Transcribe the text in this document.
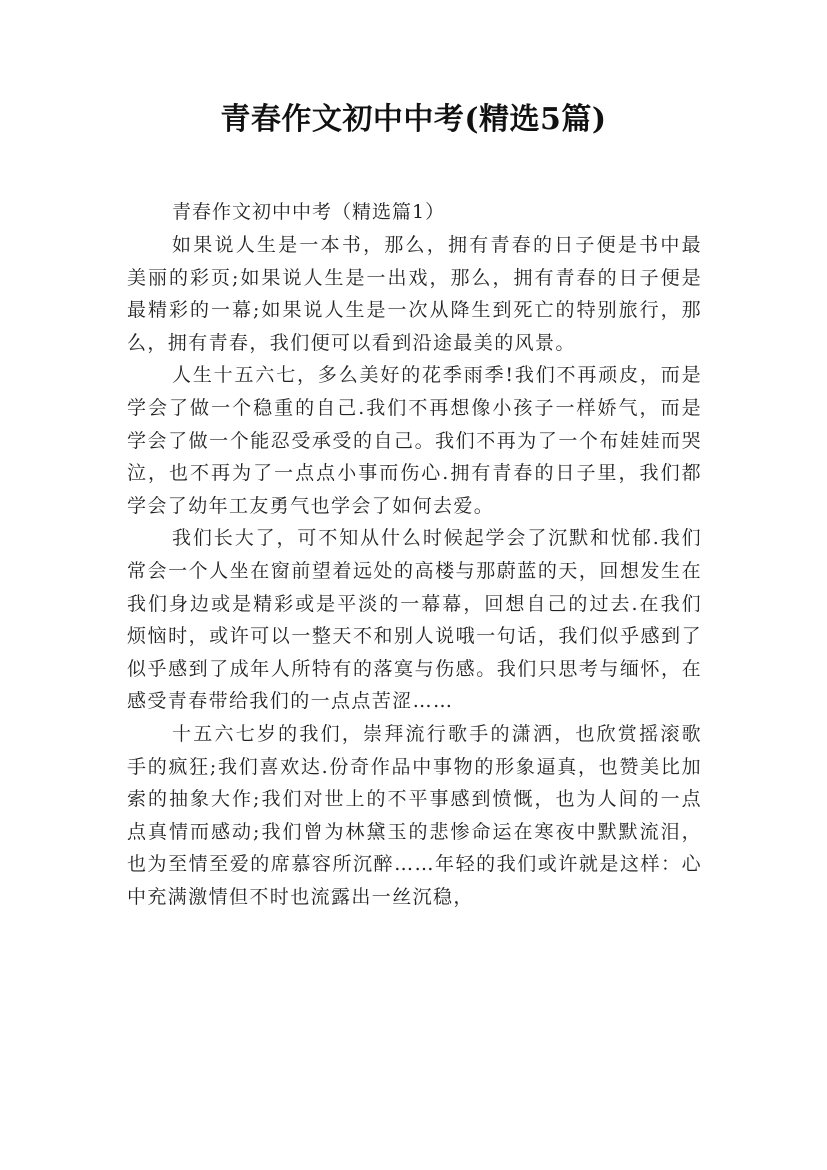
青春作文初中中考(精选5篇)

青春作文初中中考（精选篇1）

如果说人生是一本书，那么，拥有青春的日子便是书中最美丽的彩页;如果说人生是一出戏，那么，拥有青春的日子便是最精彩的一幕;如果说人生是一次从降生到死亡的特别旅行，那么，拥有青春，我们便可以看到沿途最美的风景。

人生十五六七，多么美好的花季雨季!我们不再顽皮，而是学会了做一个稳重的自己.我们不再想像小孩子一样娇气，而是学会了做一个能忍受承受的自己。我们不再为了一个布娃娃而哭泣，也不再为了一点点小事而伤心.拥有青春的日子里，我们都学会了幼年工友勇气也学会了如何去爱。

我们长大了，可不知从什么时候起学会了沉默和忧郁.我们常会一个人坐在窗前望着远处的高楼与那蔚蓝的天，回想发生在我们身边或是精彩或是平淡的一幕幕，回想自己的过去.在我们烦恼时，或许可以一整天不和别人说哦一句话，我们似乎感到了似乎感到了成年人所特有的落寞与伤感。我们只思考与缅怀，在感受青春带给我们的一点点苦涩……

十五六七岁的我们，崇拜流行歌手的潇洒，也欣赏摇滚歌手的疯狂;我们喜欢达.份奇作品中事物的形象逼真，也赞美比加索的抽象大作;我们对世上的不平事感到愤慨，也为人间的一点点真情而感动;我们曾为林黛玉的悲惨命运在寒夜中默默流泪，也为至情至爱的席慕容所沉醉……年轻的我们或许就是这样：心中充满激情但不时也流露出一丝沉稳，
